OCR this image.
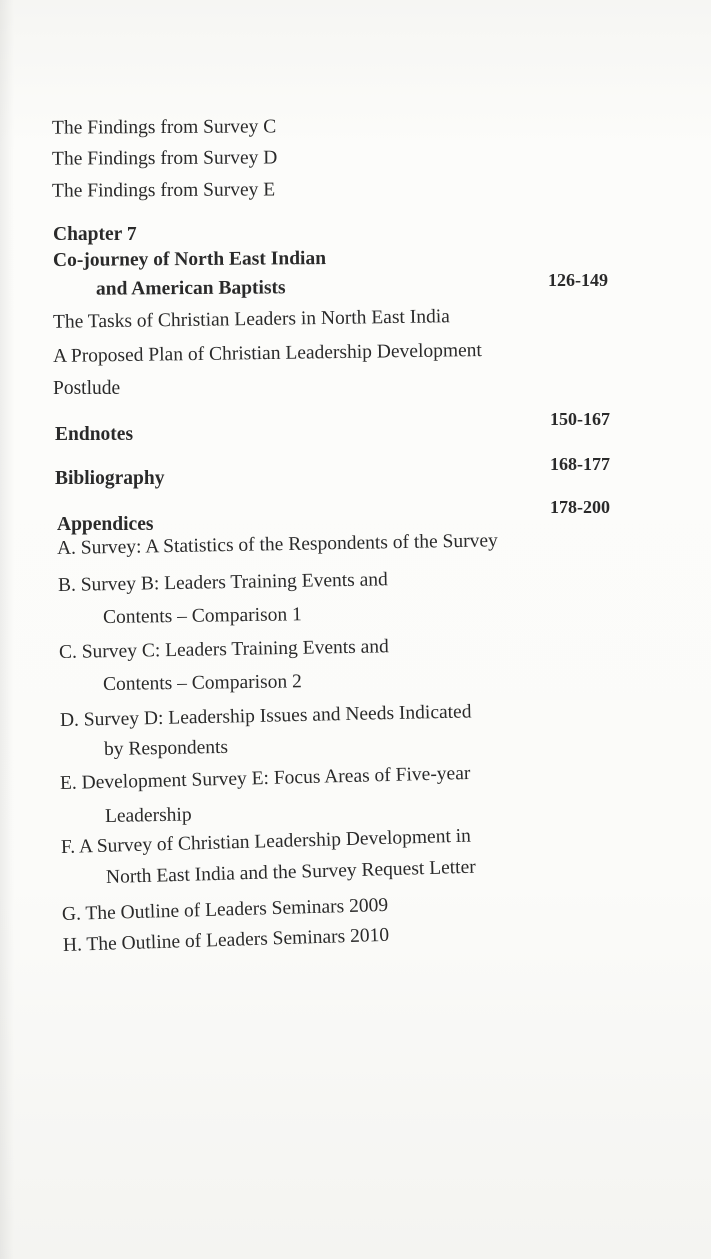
The Findings from Survey C
The Findings from Survey D
The Findings from Survey E
Chapter 7
Co-journey of North East Indian
and American Baptists	126-149
The Tasks of Christian Leaders in North East India
A Proposed Plan of Christian Leadership Development
Postlude
Endnotes
150-167
Bibliography
168-177
Appendices
178-200
A. Survey: A Statistics of the Respondents of the Survey
B. Survey B: Leaders Training Events and
Contents – Comparison 1
C. Survey C: Leaders Training Events and
Contents – Comparison 2
D. Survey D: Leadership Issues and Needs Indicated
by Respondents
E. Development Survey E: Focus Areas of Five-year
Leadership
F. A Survey of Christian Leadership Development in
North East India and the Survey Request Letter
G. The Outline of Leaders Seminars 2009
H. The Outline of Leaders Seminars 2010
